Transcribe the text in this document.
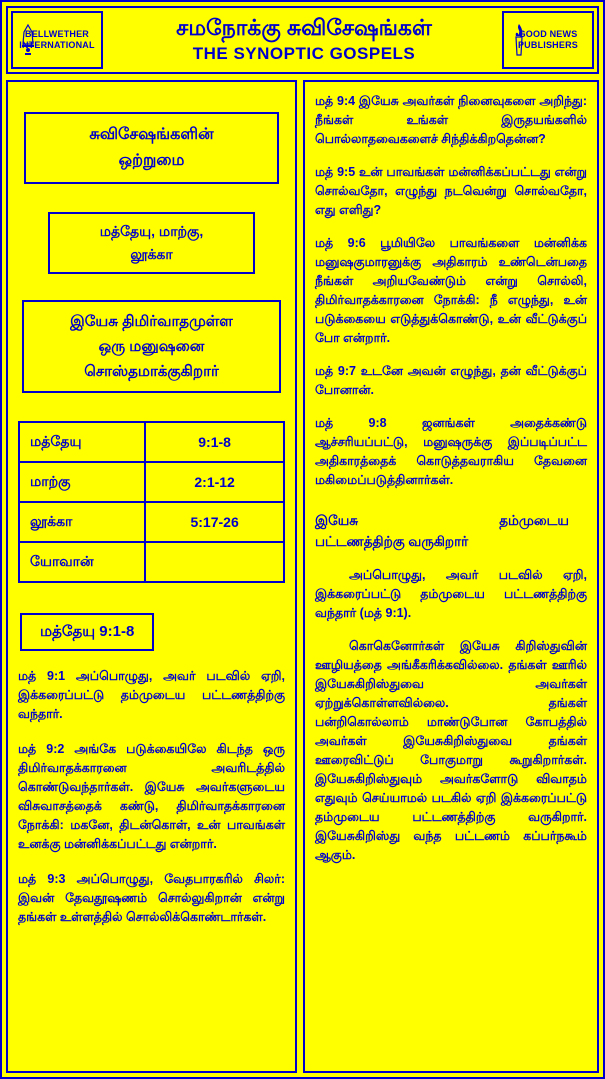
BELLWETHER
INTERNATIONAL
சமநோக்கு சுவிசேஷங்கள்
THE SYNOPTIC GOSPELS
GOOD NEWS
PUBLISHERS
சுவிசேஷங்களின்
ஒற்றுமை
மத்தேயு, மாற்கு,
லூக்கா
இயேசு திமிர்வாதமுள்ள
ஒரு மனுஷனை
சொஸ்தமாக்குகிறார்
மத்தேயு	9:1-8
மாற்கு	2:1-12
லூக்கா	5:17-26
யோவான்
மத்தேயு 9:1-8
மத் 9:1 அப்பொழுது, அவர் படவில் ஏறி, இக்கரைப்பட்டு தம்முடைய பட்டணத்திற்கு வந்தார்.
மத் 9:2 அங்கே படுக்கையிலே கிடந்த ஒரு திமிர்வாதக்காரனை அவரிடத்தில் கொண்டுவந்தார்கள். இயேசு அவர்களுடைய விசுவாசத்தைக் கண்டு, திமிர்வாதக்காரனை நோக்கி: மகனே, திடன்கொள், உன் பாவங்கள் உனக்கு மன்னிக்கப்பட்டது என்றார்.
மத் 9:3 அப்பொழுது, வேதபாரகரில் சிலர்: இவன் தேவதூஷணம் சொல்லுகிறான் என்று தங்கள் உள்ளத்தில் சொல்லிக்கொண்டார்கள்.
மத் 9:4 இயேசு அவர்கள் நினைவுகளை அறிந்து: நீங்கள் உங்கள் இருதயங்களில் பொல்லாதவைகளைச் சிந்திக்கிறதென்ன?
மத் 9:5 உன் பாவங்கள் மன்னிக்கப்பட்டது என்று சொல்வதோ, எழுந்து நடவென்று சொல்வதோ, எது எளிது?
மத் 9:6 பூமியிலே பாவங்களை மன்னிக்க மனுஷகுமாரனுக்கு அதிகாரம் உண்டென்பதை நீங்கள் அறியவேண்டும் என்று சொல்லி, திமிர்வாதக்காரனை நோக்கி: நீ எழுந்து, உன் படுக்கையை எடுத்துக்கொண்டு, உன் வீட்டுக்குப் போ என்றார்.
மத் 9:7 உடனே அவன் எழுந்து, தன் வீட்டுக்குப் போனான்.
மத் 9:8 ஜனங்கள் அதைக்கண்டு ஆச்சரியப்பட்டு, மனுஷருக்கு இப்படிப்பட்ட அதிகாரத்தைக் கொடுத்தவராகிய தேவனை மகிமைப்படுத்தினார்கள்.
இயேசு	தம்முடைய
பட்டணத்திற்கு வருகிறார்
அப்பொழுது, அவர் படவில் ஏறி, இக்கரைப்பட்டு தம்முடைய பட்டணத்திற்கு வந்தார் (மத் 9:1).
கொகெனோர்கள் இயேசு கிறிஸ்துவின் ஊழியத்தை அங்கீகரிக்கவில்லை. தங்கள் ஊரில் இயேசுகிறிஸ்துவை அவர்கள் ஏற்றுக்கொள்ளவில்லை. தங்கள் பன்றிகொல்லாம் மாண்டுபோன கோபத்தில் அவர்கள் இயேசுகிறிஸ்துவை தங்கள் ஊரைவிட்டுப் போகுமாறு கூறுகிறார்கள். இயேசுகிறிஸ்துவும் அவர்களோடு விவாதம் எதுவும் செய்யாமல் படகில் ஏறி இக்கரைப்பட்டு தம்முடைய பட்டணத்திற்கு வருகிறார். இயேசுகிறிஸ்து வந்த பட்டணம் கப்பர்நகூம் ஆகும்.
